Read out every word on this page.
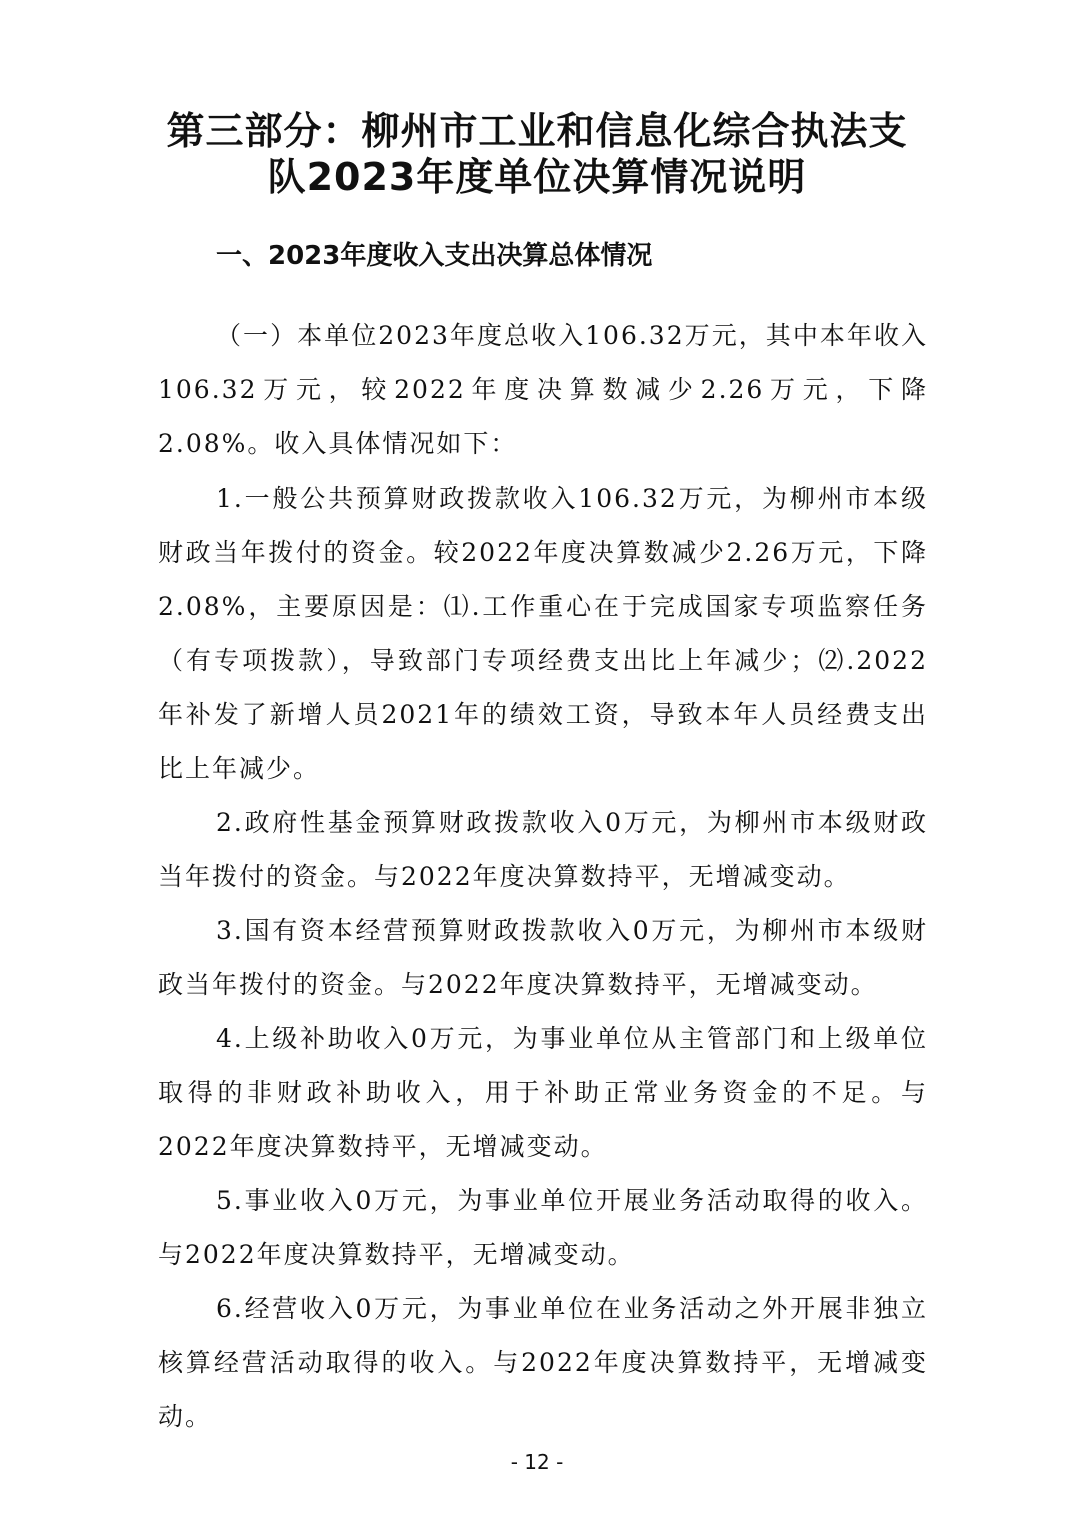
第三部分：柳州市工业和信息化综合执法支
队2023年度单位决算情况说明
一、2023年度收入支出决算总体情况

（一）本单位2023年度总收入106.32万元，其中本年收入106.32万元，较2022年度决算数减少2.26万元，下降2.08%。收入具体情况如下：

1.一般公共预算财政拨款收入106.32万元，为柳州市本级财政当年拨付的资金。较2022年度决算数减少2.26万元，下降2.08%，主要原因是：⑴.工作重心在于完成国家专项监察任务（有专项拨款），导致部门专项经费支出比上年减少；⑵.2022年补发了新增人员2021年的绩效工资，导致本年人员经费支出比上年减少。

2.政府性基金预算财政拨款收入0万元，为柳州市本级财政当年拨付的资金。与2022年度决算数持平，无增减变动。

3.国有资本经营预算财政拨款收入0万元，为柳州市本级财政当年拨付的资金。与2022年度决算数持平，无增减变动。

4.上级补助收入0万元，为事业单位从主管部门和上级单位取得的非财政补助收入，用于补助正常业务资金的不足。与2022年度决算数持平，无增减变动。

5.事业收入0万元，为事业单位开展业务活动取得的收入。与2022年度决算数持平，无增减变动。

6.经营收入0万元，为事业单位在业务活动之外开展非独立核算经营活动取得的收入。与2022年度决算数持平，无增减变动。

- 12 -
